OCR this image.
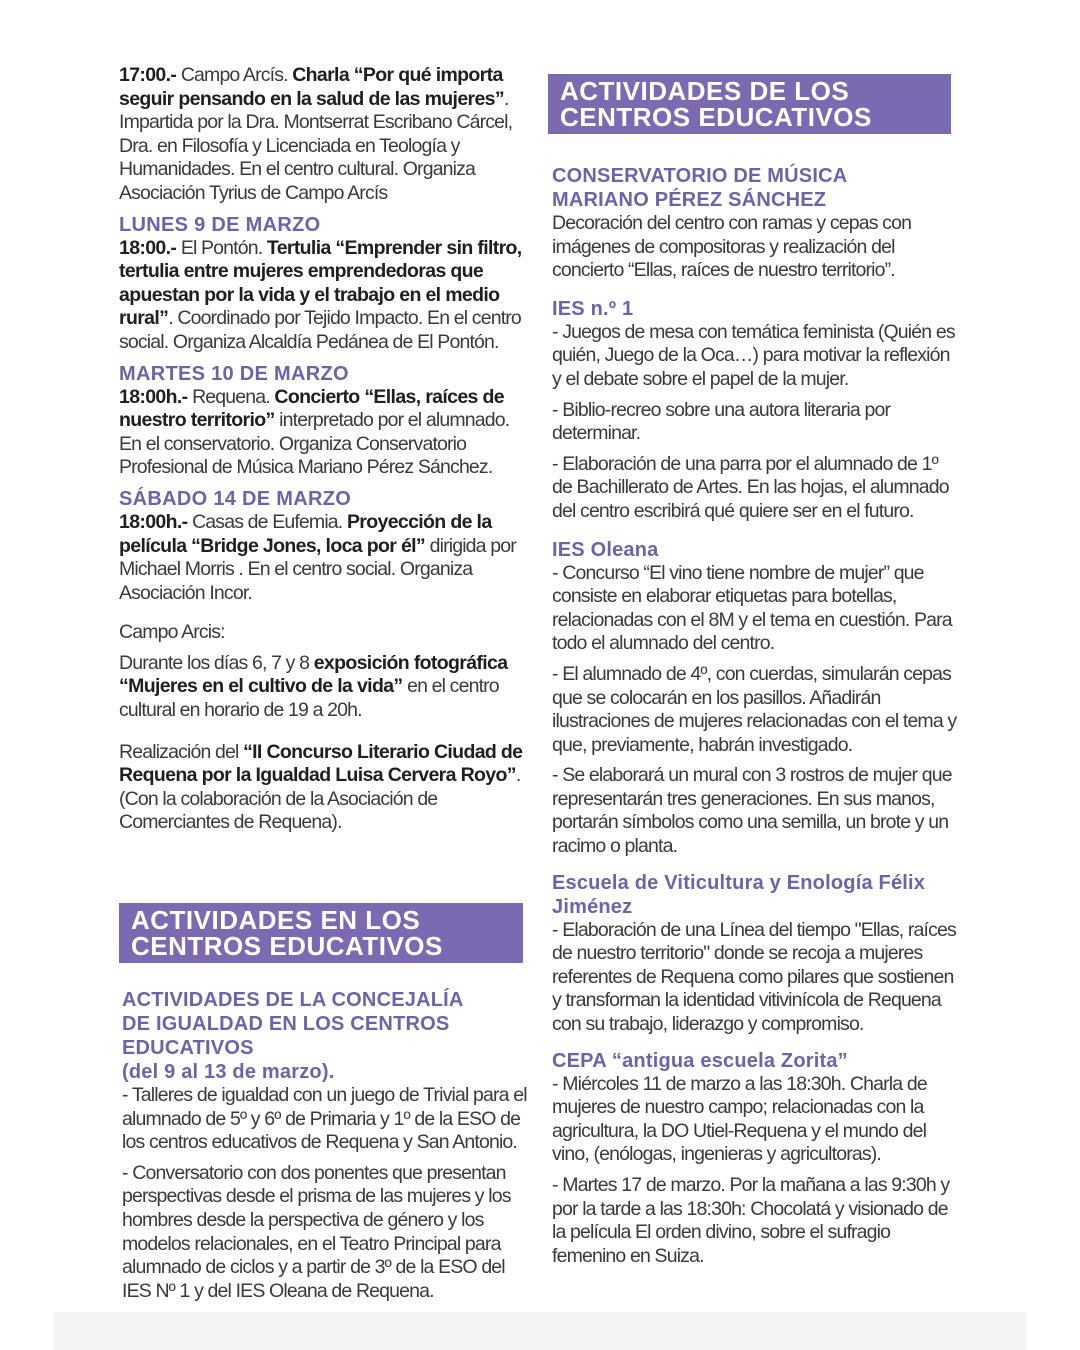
17:00.- Campo Arcís. Charla “Por qué importa seguir pensando en la salud de las mujeres”. Impartida por la Dra. Montserrat Escribano Cárcel, Dra. en Filosofía y Licenciada en Teología y Humanidades. En el centro cultural. Organiza Asociación Tyrius de Campo Arcís

LUNES 9 DE MARZO

18:00.- El Pontón. Tertulia “Emprender sin filtro, tertulia entre mujeres emprendedoras que apuestan por la vida y el trabajo en el medio rural”. Coordinado por Tejido Impacto. En el centro social. Organiza Alcaldía Pedánea de El Pontón.

MARTES 10 DE MARZO

18:00h.- Requena. Concierto “Ellas, raíces de nuestro territorio” interpretado por el alumnado. En el conservatorio. Organiza Conservatorio Profesional de Música Mariano Pérez Sánchez.

SÁBADO 14 DE MARZO

18:00h.- Casas de Eufemia. Proyección de la película “Bridge Jones, loca por él” dirigida por Michael Morris . En el centro social. Organiza Asociación Incor.

Campo Arcis:

Durante los días 6, 7 y 8 exposición fotográfica “Mujeres en el cultivo de la vida” en el centro cultural en horario de 19 a 20h.

Realización del “II Concurso Literario Ciudad de Requena por la Igualdad Luisa Cervera Royo”. (Con la colaboración de la Asociación de Comerciantes de Requena).

ACTIVIDADES EN LOS
CENTROS EDUCATIVOS
ACTIVIDADES DE LA CONCEJALÍA
DE IGUALDAD EN LOS CENTROS
EDUCATIVOS
(del 9 al 13 de marzo).

- Talleres de igualdad con un juego de Trivial para el alumnado de 5º y 6º de Primaria y 1º de la ESO de los centros educativos de Requena y San Antonio.

- Conversatorio con dos ponentes que presentan perspectivas desde el prisma de las mujeres y los hombres desde la perspectiva de género y los modelos relacionales, en el Teatro Principal para alumnado de ciclos y a partir de 3º de la ESO del IES Nº 1 y del IES Oleana de Requena.

ACTIVIDADES DE LOS
CENTROS EDUCATIVOS
CONSERVATORIO DE MÚSICA MARIANO PÉREZ SÁNCHEZ

Decoración del centro con ramas y cepas con imágenes de compositoras y realización del concierto “Ellas, raíces de nuestro territorio”.

IES n.º 1

- Juegos de mesa con temática feminista (Quién es quién, Juego de la Oca…) para motivar la reflexión y el debate sobre el papel de la mujer.

- Biblio-recreo sobre una autora literaria por determinar.

- Elaboración de una parra por el alumnado de 1º de Bachillerato de Artes. En las hojas, el alumnado del centro escribirá qué quiere ser en el futuro.

IES Oleana

- Concurso “El vino tiene nombre de mujer” que consiste en elaborar etiquetas para botellas, relacionadas con el 8M y el tema en cuestión. Para todo el alumnado del centro.

- El alumnado de 4º, con cuerdas, simularán cepas que se colocarán en los pasillos. Añadirán ilustraciones de mujeres relacionadas con el tema y que, previamente, habrán investigado.

- Se elaborará un mural con 3 rostros de mujer que representarán tres generaciones. En sus manos, portarán símbolos como una semilla, un brote y un racimo o planta.

Escuela de Viticultura y Enología Félix Jiménez

- Elaboración de una Línea del tiempo "Ellas, raíces de nuestro territorio" donde se recoja a mujeres referentes de Requena como pilares que sostienen y transforman la identidad vitivinícola de Requena con su trabajo, liderazgo y compromiso.

CEPA “antigua escuela Zorita”

- Miércoles 11 de marzo a las 18:30h. Charla de mujeres de nuestro campo; relacionadas con la agricultura, la DO Utiel-Requena y el mundo del vino, (enólogas, ingenieras y agricultoras).

- Martes 17 de marzo. Por la mañana a las 9:30h y por la tarde a las 18:30h: Chocolatá y visionado de la película El orden divino, sobre el sufragio femenino en Suiza.
